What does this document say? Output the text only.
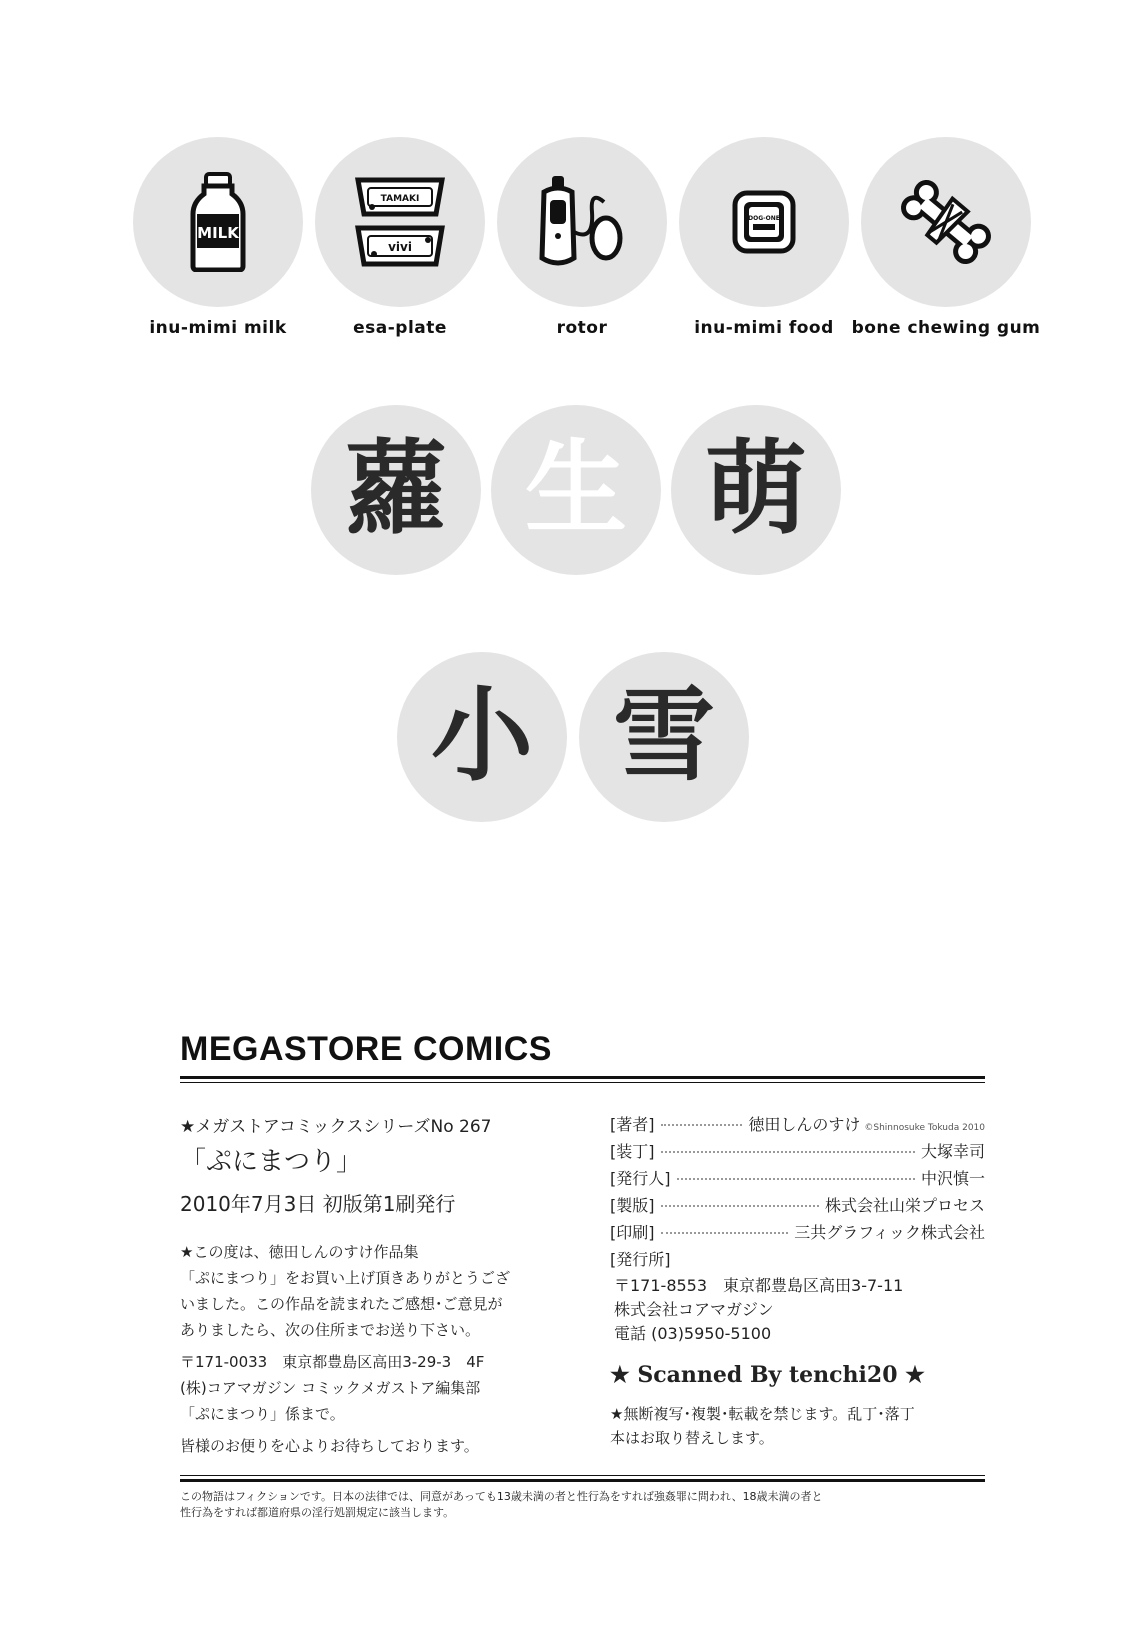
MILK
inu-mimi milk
TAMAKI
vivi
esa-plate	rotor
DOG-ONE
inu-mimi food	bone chewing gum
蘿 生 萌
小 雪
MEGASTORE COMICS
★メガストアコミックスシリーズNo 267
「ぷにまつり」
2010年7月3日 初版第1刷発行
★この度は、徳田しんのすけ作品集
「ぷにまつり」をお買い上げ頂きありがとうござ
いました。この作品を読まれたご感想･ご意見が
ありましたら、次の住所までお送り下さい。
〒171-0033　東京都豊島区高田3-29-3　4F
(株)コアマガジン コミックメガストア編集部
「ぷにまつり」係まで。
皆様のお便りを心よりお待ちしております。
[著者]	徳田しんのすけ ©Shinnosuke Tokuda 2010
[装丁]	大塚幸司
[発行人]	中沢慎一
[製版]	株式会社山栄プロセス
[印刷]	三共グラフィック株式会社
[発行所]
〒171-8553　東京都豊島区高田3-7-11
株式会社コアマガジン
電話 (03)5950-5100
★ Scanned By tenchi20 ★
★無断複写･複製･転載を禁じます。乱丁･落丁
本はお取り替えします。
この物語はフィクションです。日本の法律では、同意があっても13歳未満の者と性行為をすれば強姦罪に問われ、18歳未満の者と
性行為をすれば都道府県の淫行処罰規定に該当します。
